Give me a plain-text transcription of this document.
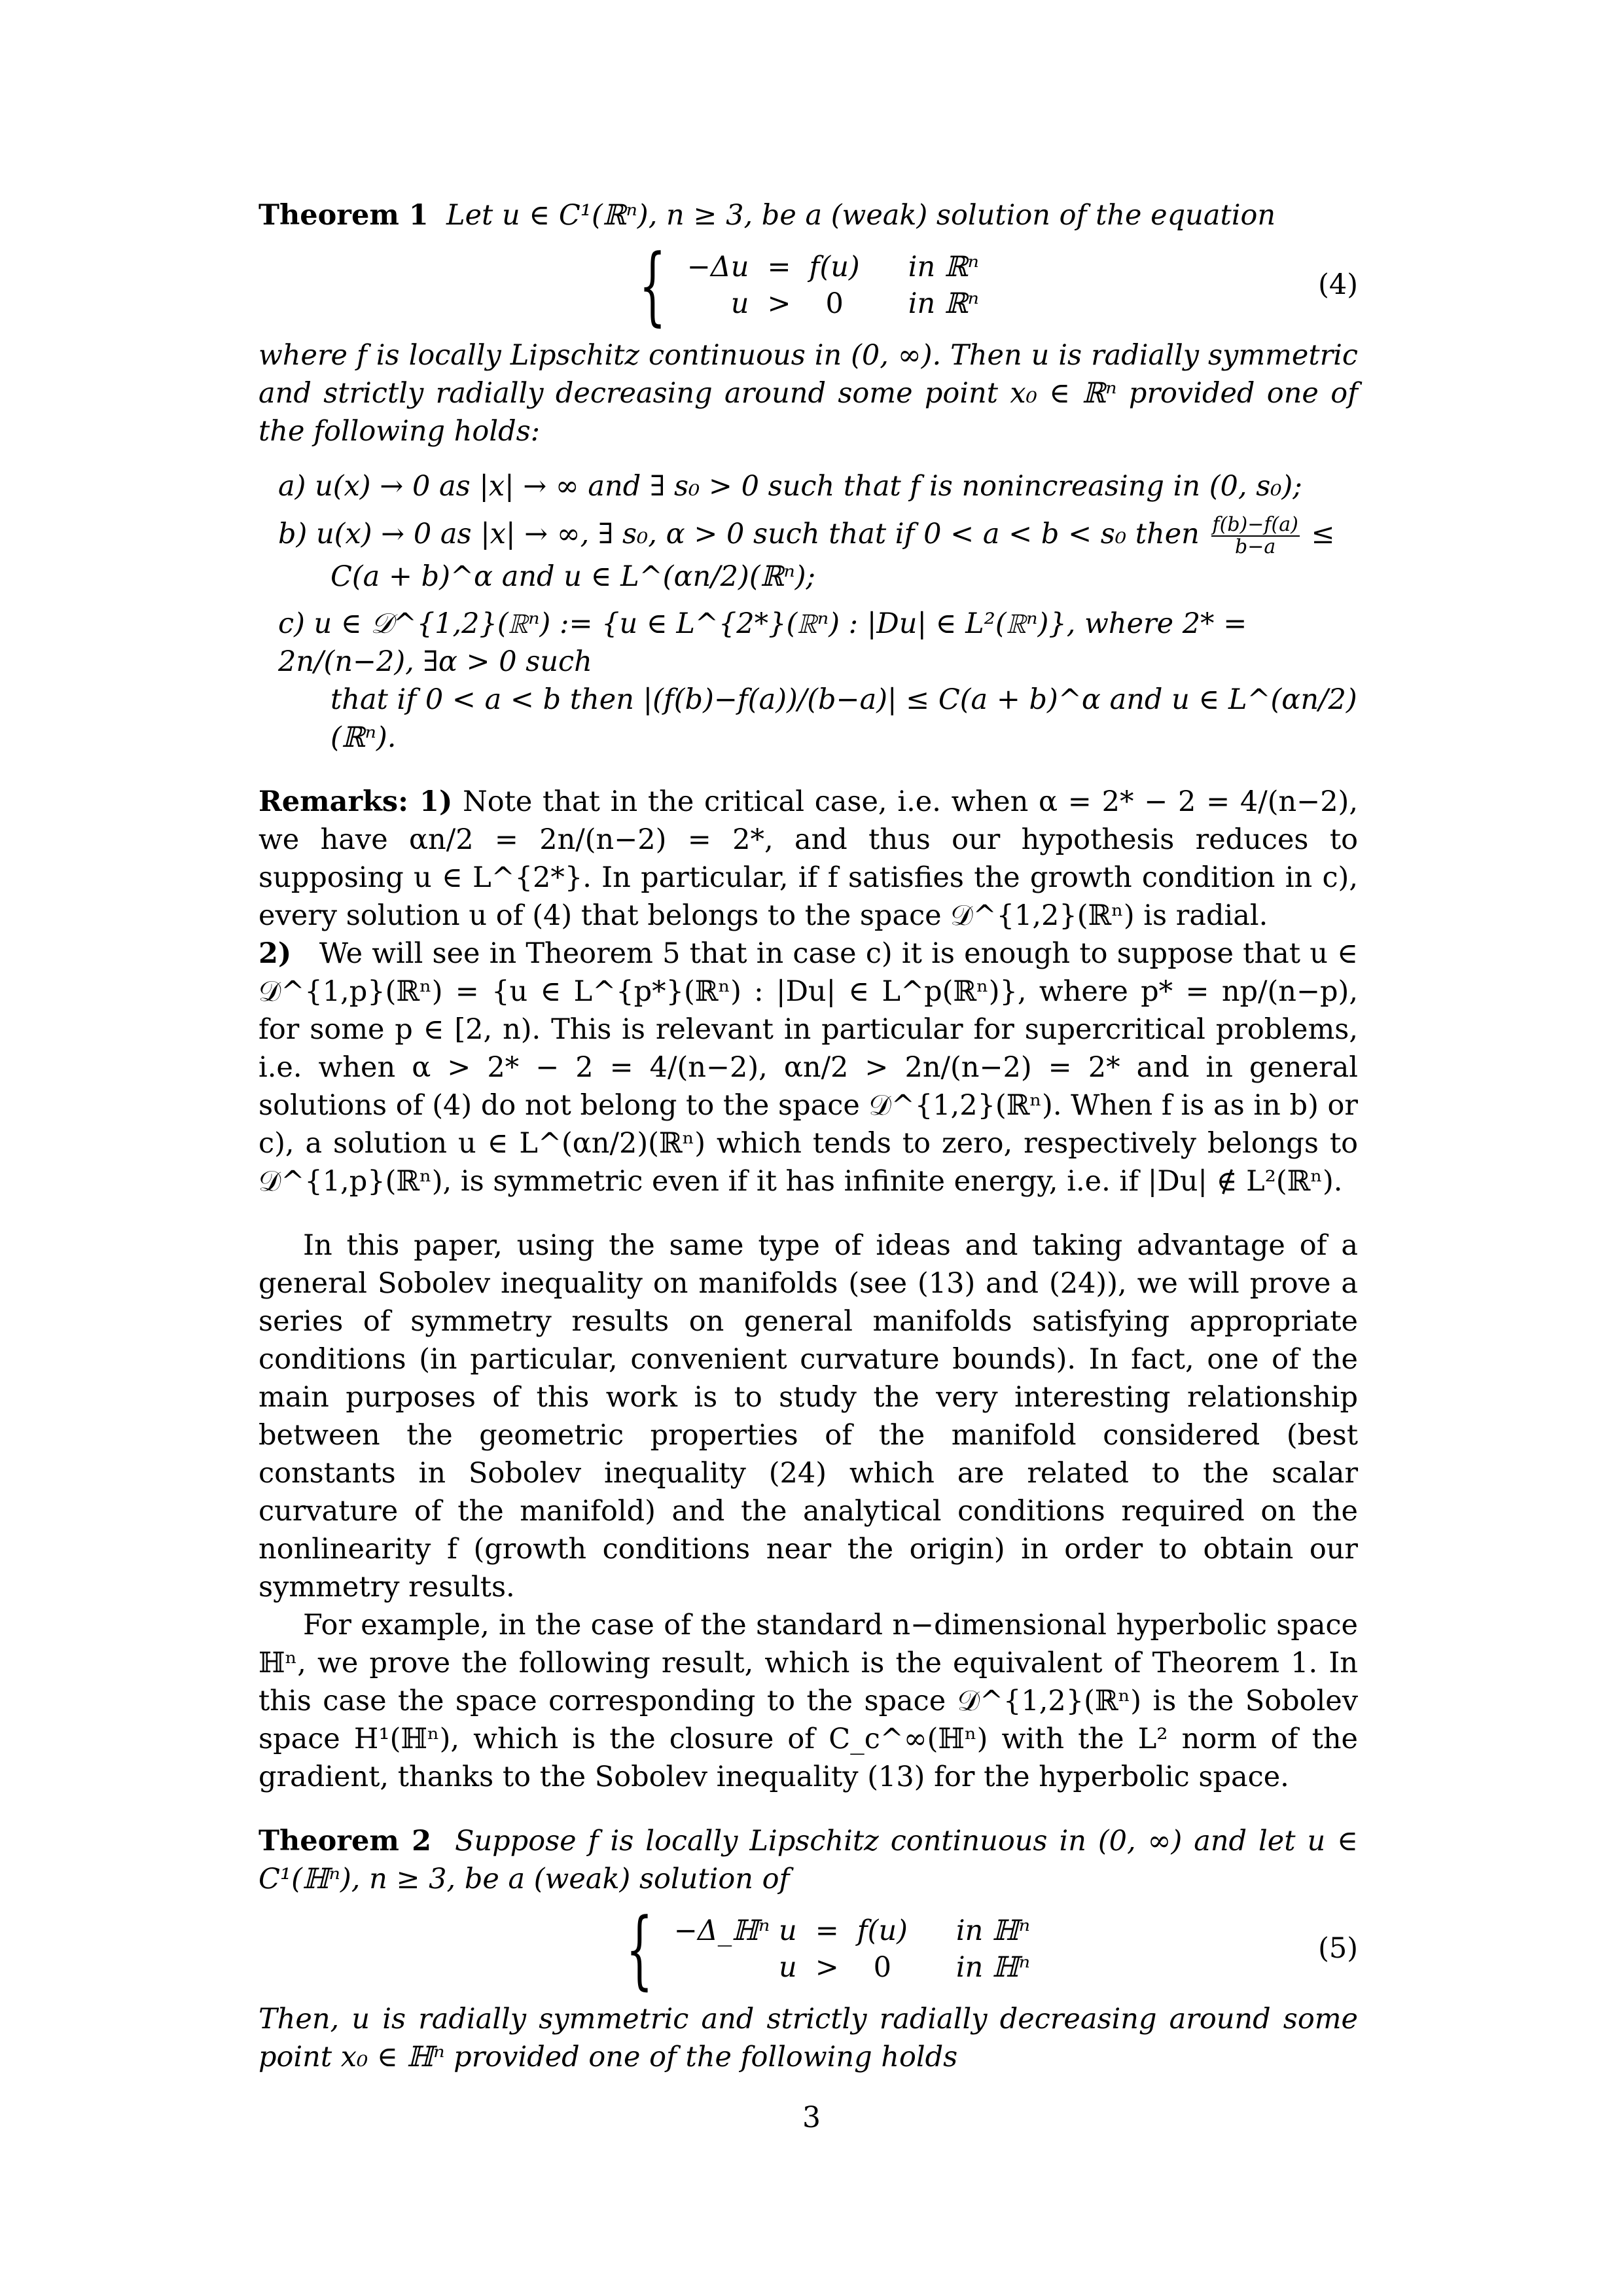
Theorem 1 Let u ∈ C¹(ℝⁿ), n ≥ 3, be a (weak) solution of the equation

{ −Δu	=	f(u)	in ℝⁿ
u	>	0	in ℝⁿ
(4)

where f is locally Lipschitz continuous in (0, ∞). Then u is radially symmetric and strictly radially decreasing around some point x₀ ∈ ℝⁿ provided one of the following holds:

a) u(x) → 0 as |x| → ∞ and ∃ s₀ > 0 such that f is nonincreasing in (0, s₀);
b) u(x) → 0 as |x| → ∞, ∃ s₀, α > 0 such that if 0 < a < b < s₀ then $\frac{f(b)-f(a)}{b-a}$ ≤
C(a + b)^α and u ∈ L^(αn/2)(ℝⁿ);
c) u ∈ 𝒟^{1,2}(ℝⁿ) := {u ∈ L^{2*}(ℝⁿ) : |Du| ∈ L²(ℝⁿ)}, where 2* = 2n/(n−2), ∃α > 0 such
that if 0 < a < b then |(f(b)−f(a))/(b−a)| ≤ C(a + b)^α and u ∈ L^(αn/2)(ℝⁿ).

Remarks: 1) Note that in the critical case, i.e. when α = 2* − 2 = 4/(n−2), we have αn/2 = 2n/(n−2) = 2*, and thus our hypothesis reduces to supposing u ∈ L^{2*}. In particular, if f satisfies the growth condition in c), every solution u of (4) that belongs to the space 𝒟^{1,2}(ℝⁿ) is radial.

2) We will see in Theorem 5 that in case c) it is enough to suppose that u ∈ 𝒟^{1,p}(ℝⁿ) = {u ∈ L^{p*}(ℝⁿ) : |Du| ∈ L^p(ℝⁿ)}, where p* = np/(n−p), for some p ∈ [2, n). This is relevant in particular for supercritical problems, i.e. when α > 2* − 2 = 4/(n−2), αn/2 > 2n/(n−2) = 2* and in general solutions of (4) do not belong to the space 𝒟^{1,2}(ℝⁿ). When f is as in b) or c), a solution u ∈ L^(αn/2)(ℝⁿ) which tends to zero, respectively belongs to 𝒟^{1,p}(ℝⁿ), is symmetric even if it has infinite energy, i.e. if |Du| ∉ L²(ℝⁿ).

In this paper, using the same type of ideas and taking advantage of a general Sobolev inequality on manifolds (see (13) and (24)), we will prove a series of symmetry results on general manifolds satisfying appropriate conditions (in particular, convenient curvature bounds). In fact, one of the main purposes of this work is to study the very interesting relationship between the geometric properties of the manifold considered (best constants in Sobolev inequality (24) which are related to the scalar curvature of the manifold) and the analytical conditions required on the nonlinearity f (growth conditions near the origin) in order to obtain our symmetry results.

For example, in the case of the standard n−dimensional hyperbolic space ℍⁿ, we prove the following result, which is the equivalent of Theorem 1. In this case the space corresponding to the space 𝒟^{1,2}(ℝⁿ) is the Sobolev space H¹(ℍⁿ), which is the closure of C_c^∞(ℍⁿ) with the L² norm of the gradient, thanks to the Sobolev inequality (13) for the hyperbolic space.

Theorem 2 Suppose f is locally Lipschitz continuous in (0, ∞) and let u ∈ C¹(ℍⁿ), n ≥ 3, be a (weak) solution of

{ −Δ_ℍⁿ u	=	f(u)	in ℍⁿ
u	>	0	in ℍⁿ
(5)

Then, u is radially symmetric and strictly radially decreasing around some point x₀ ∈ ℍⁿ provided one of the following holds

3
